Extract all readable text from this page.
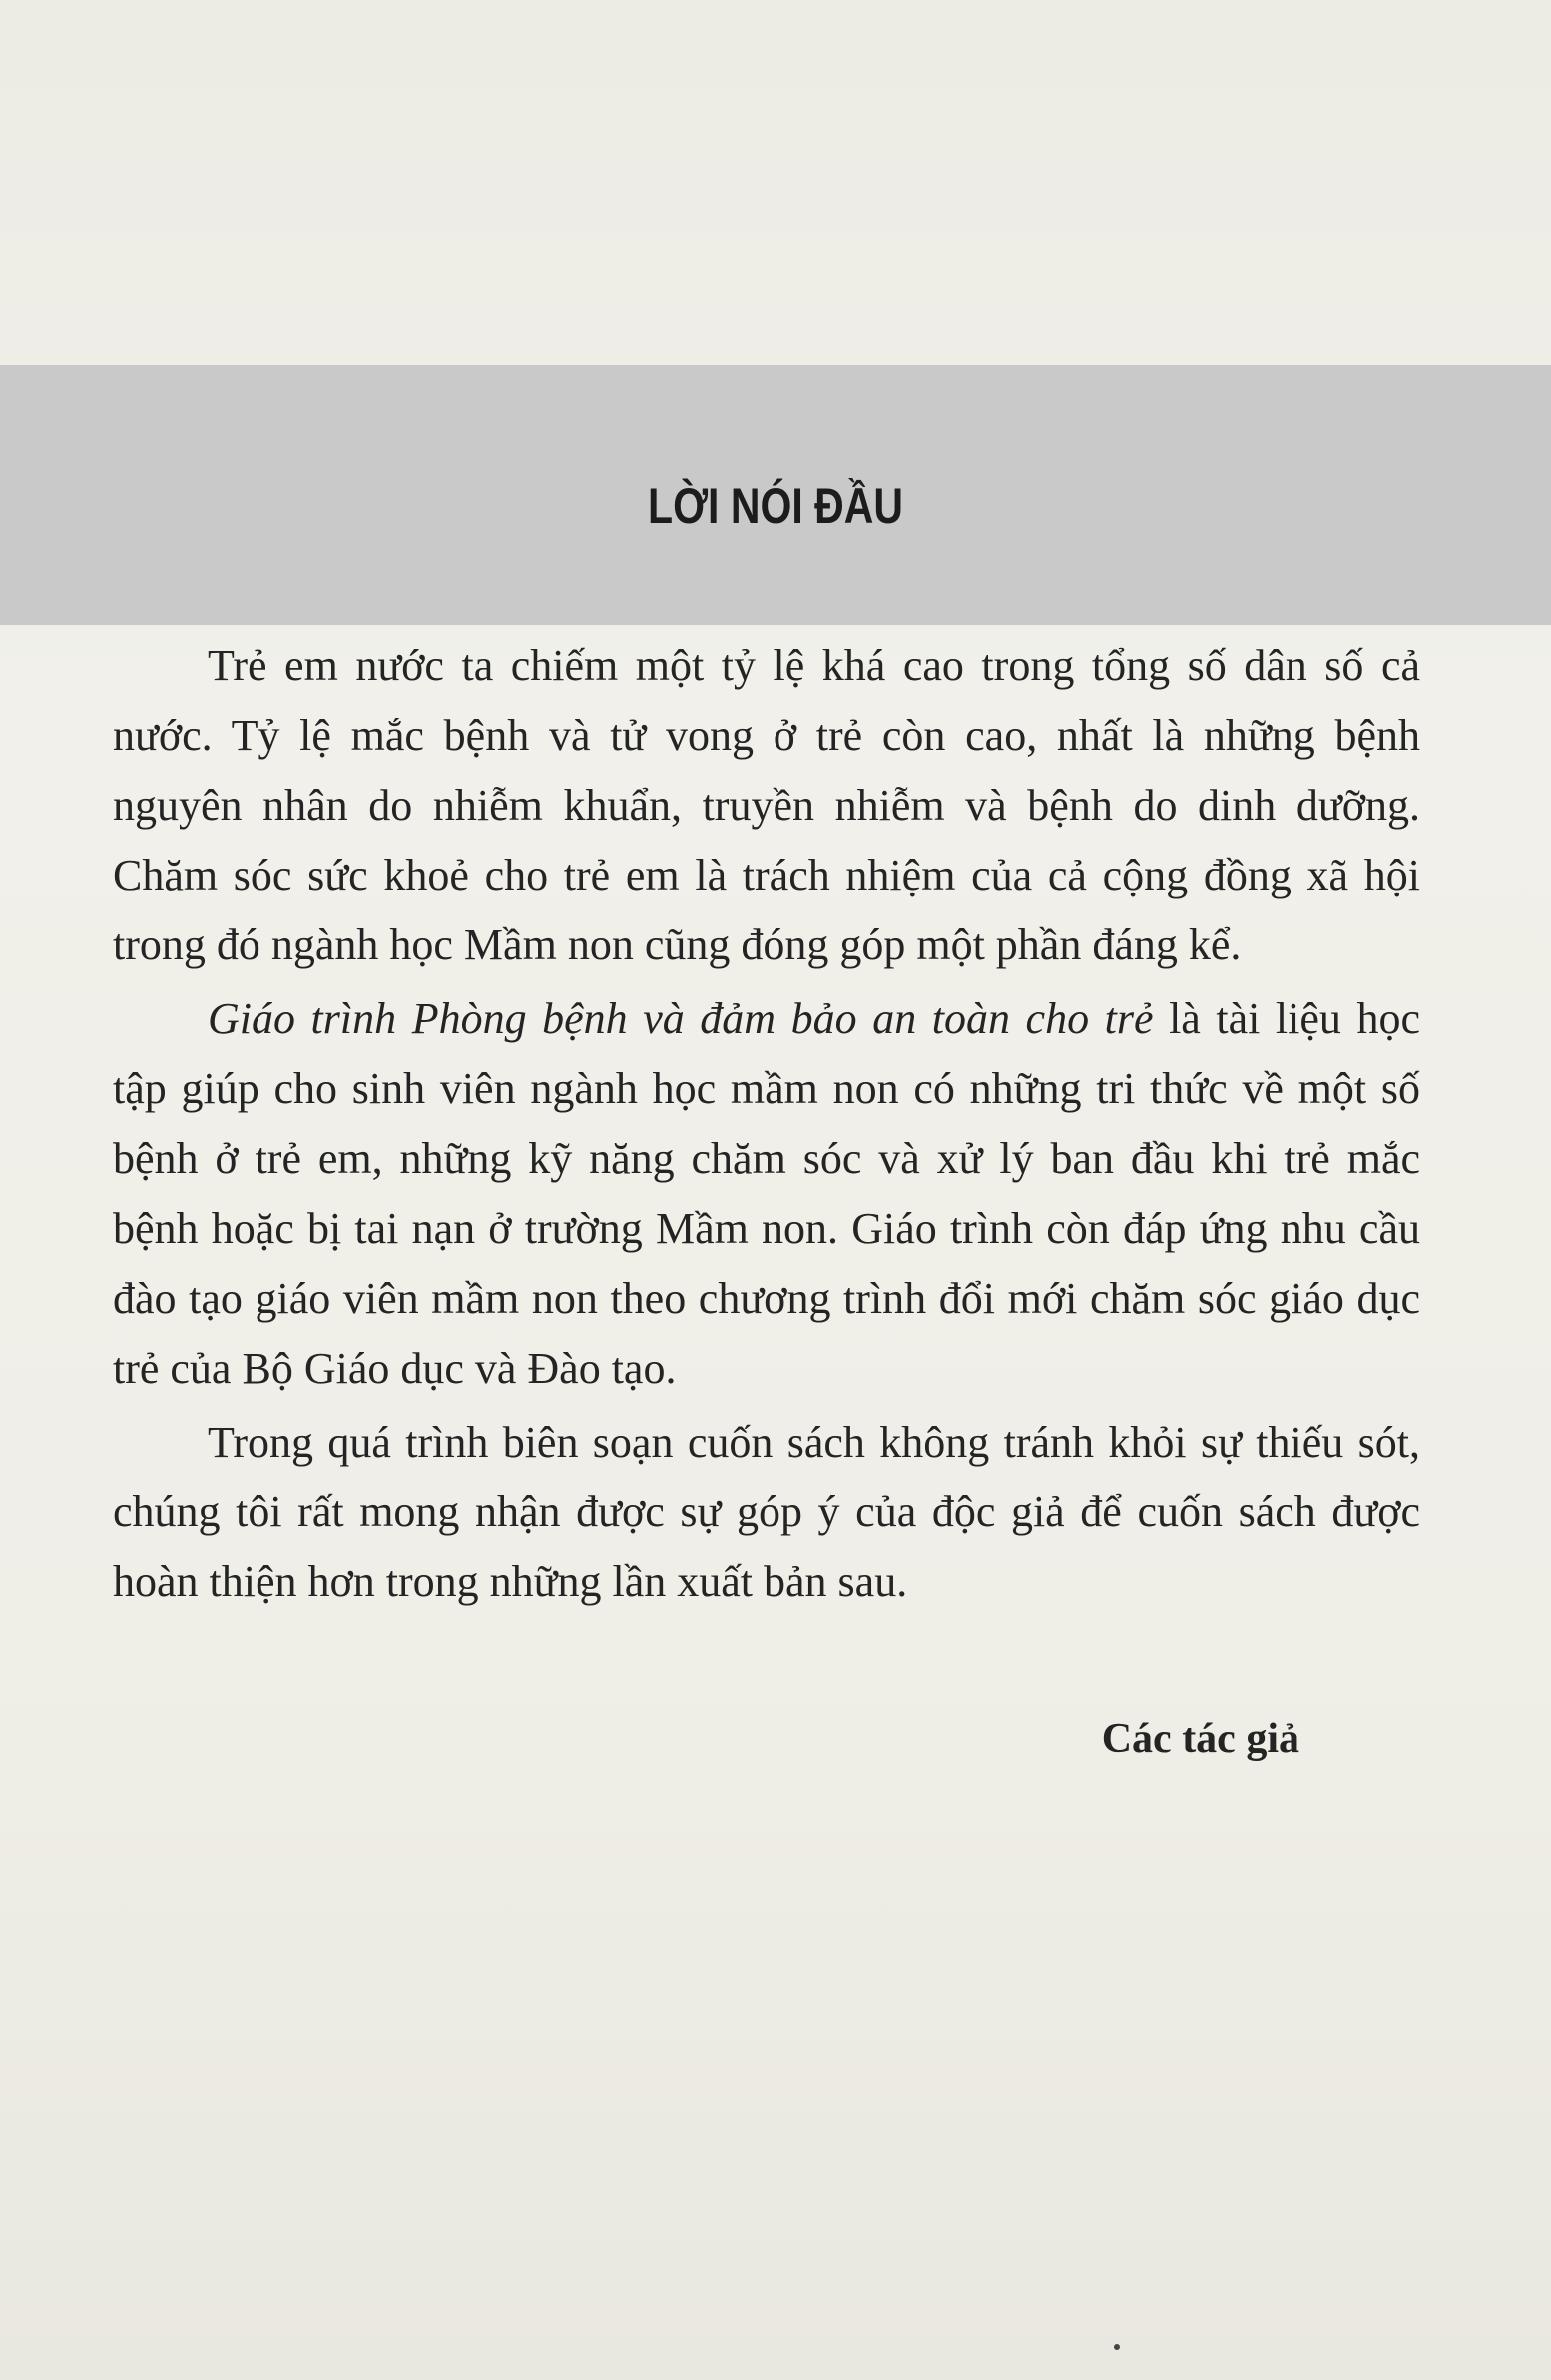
LỜI NÓI ĐẦU

Trẻ em nước ta chiếm một tỷ lệ khá cao trong tổng số dân số cả nước. Tỷ lệ mắc bệnh và tử vong ở trẻ còn cao, nhất là những bệnh nguyên nhân do nhiễm khuẩn, truyền nhiễm và bệnh do dinh dưỡng. Chăm sóc sức khoẻ cho trẻ em là trách nhiệm của cả cộng đồng xã hội trong đó ngành học Mầm non cũng đóng góp một phần đáng kể.

Giáo trình Phòng bệnh và đảm bảo an toàn cho trẻ là tài liệu học tập giúp cho sinh viên ngành học mầm non có những tri thức về một số bệnh ở trẻ em, những kỹ năng chăm sóc và xử lý ban đầu khi trẻ mắc bệnh hoặc bị tai nạn ở trường Mầm non. Giáo trình còn đáp ứng nhu cầu đào tạo giáo viên mầm non theo chương trình đổi mới chăm sóc giáo dục trẻ của Bộ Giáo dục và Đào tạo.

Trong quá trình biên soạn cuốn sách không tránh khỏi sự thiếu sót, chúng tôi rất mong nhận được sự góp ý của độc giả để cuốn sách được hoàn thiện hơn trong những lần xuất bản sau.

Các tác giả
